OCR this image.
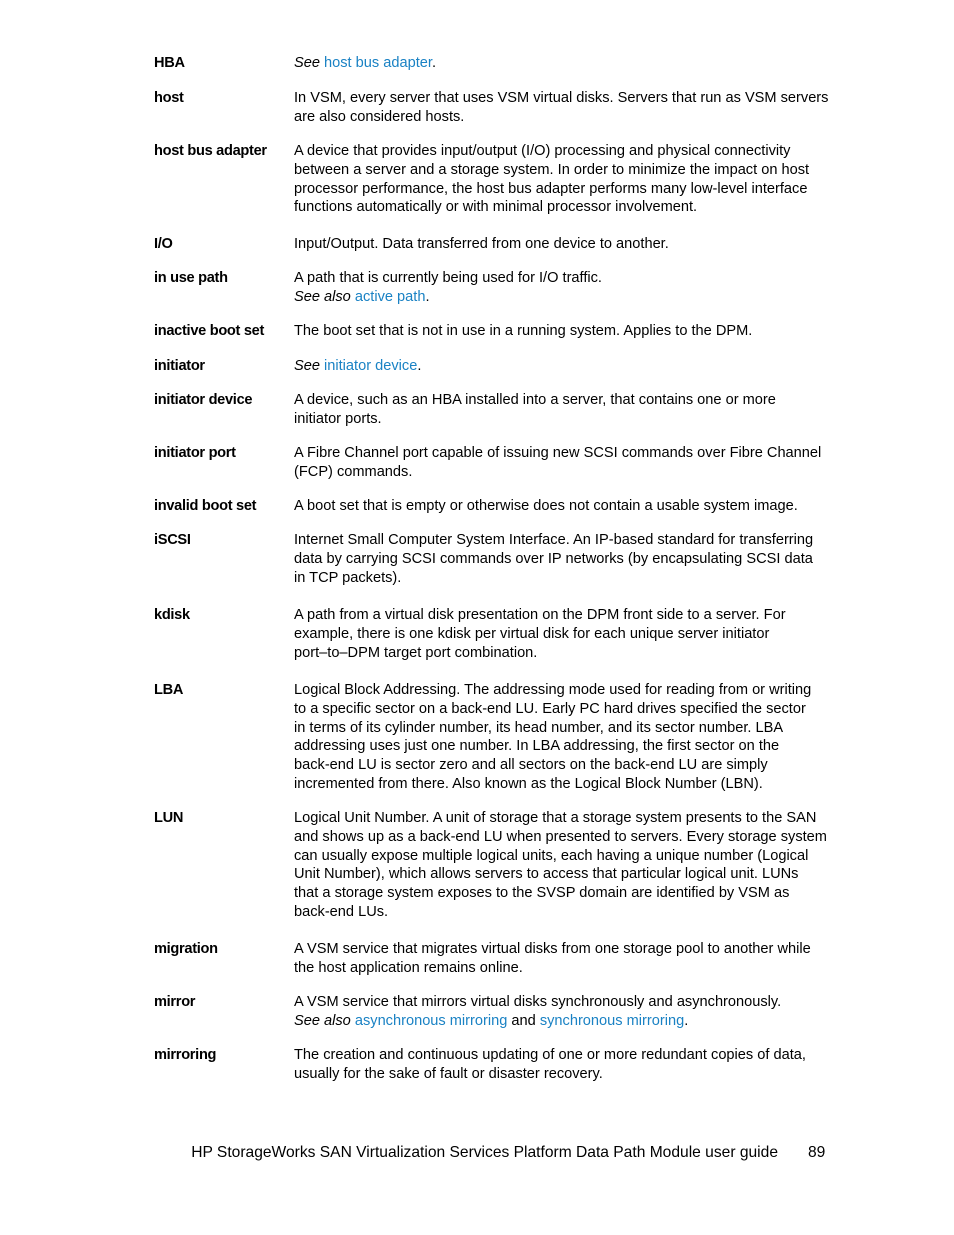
HBA	See host bus adapter.
host	In VSM, every server that uses VSM virtual disks. Servers that run as VSM servers
are also considered hosts.
host bus adapter	A device that provides input/output (I/O) processing and physical connectivity
between a server and a storage system. In order to minimize the impact on host
processor performance, the host bus adapter performs many low-level interface
functions automatically or with minimal processor involvement.
I/O	Input/Output. Data transferred from one device to another.
in use path	A path that is currently being used for I/O traffic.
See also active path.
inactive boot set	The boot set that is not in use in a running system. Applies to the DPM.
initiator	See initiator device.
initiator device	A device, such as an HBA installed into a server, that contains one or more
initiator ports.
initiator port	A Fibre Channel port capable of issuing new SCSI commands over Fibre Channel
(FCP) commands.
invalid boot set	A boot set that is empty or otherwise does not contain a usable system image.
iSCSI	Internet Small Computer System Interface. An IP-based standard for transferring
data by carrying SCSI commands over IP networks (by encapsulating SCSI data
in TCP packets).
kdisk	A path from a virtual disk presentation on the DPM front side to a server. For
example, there is one kdisk per virtual disk for each unique server initiator
port–to–DPM target port combination.
LBA	Logical Block Addressing. The addressing mode used for reading from or writing
to a specific sector on a back-end LU. Early PC hard drives specified the sector
in terms of its cylinder number, its head number, and its sector number. LBA
addressing uses just one number. In LBA addressing, the first sector on the
back-end LU is sector zero and all sectors on the back-end LU are simply
incremented from there. Also known as the Logical Block Number (LBN).
LUN	Logical Unit Number. A unit of storage that a storage system presents to the SAN
and shows up as a back-end LU when presented to servers. Every storage system
can usually expose multiple logical units, each having a unique number (Logical
Unit Number), which allows servers to access that particular logical unit. LUNs
that a storage system exposes to the SVSP domain are identified by VSM as
back-end LUs.
migration	A VSM service that migrates virtual disks from one storage pool to another while
the host application remains online.
mirror	A VSM service that mirrors virtual disks synchronously and asynchronously.
See also asynchronous mirroring and synchronous mirroring.
mirroring	The creation and continuous updating of one or more redundant copies of data,
usually for the sake of fault or disaster recovery.
HP StorageWorks SAN Virtualization Services Platform Data Path Module user guide 89
